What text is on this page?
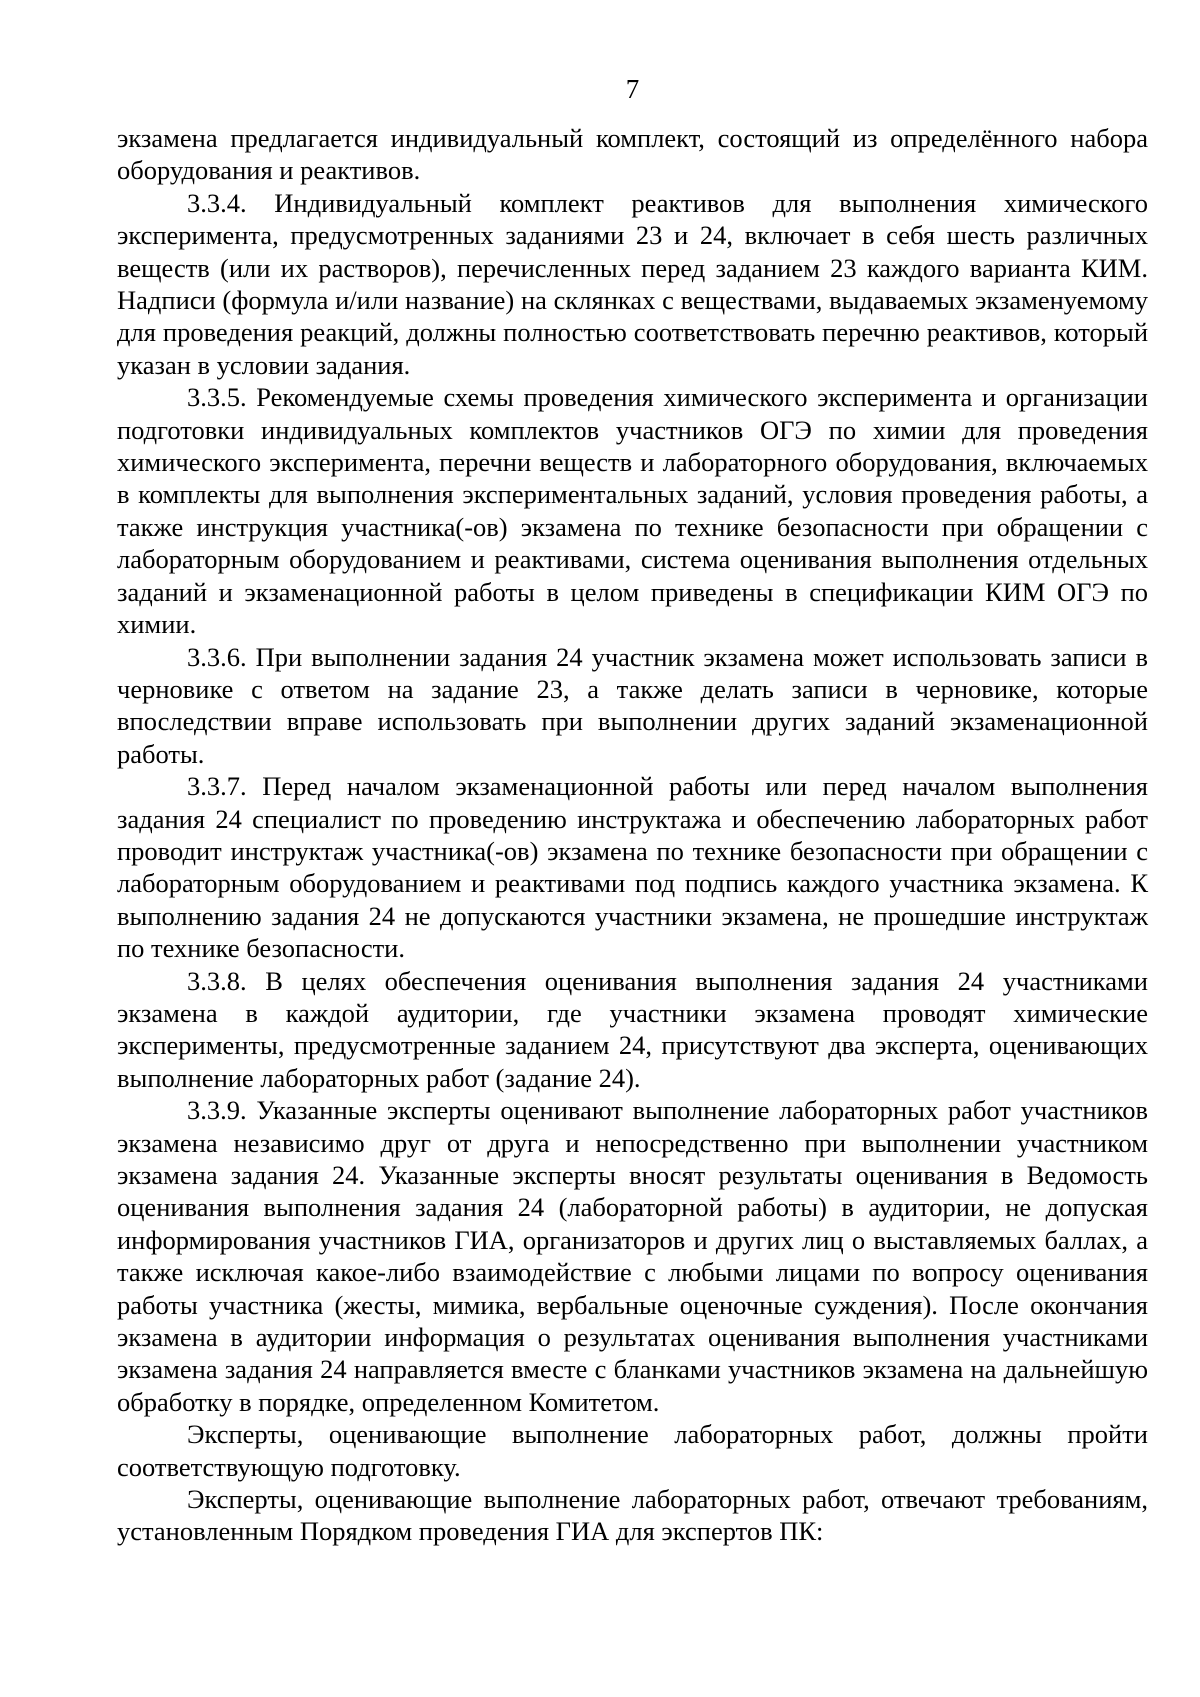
7

экзамена предлагается индивидуальный комплект, состоящий из определённого набора оборудования и реактивов.

3.3.4. Индивидуальный комплект реактивов для выполнения химического эксперимента, предусмотренных заданиями 23 и 24, включает в себя шесть различных веществ (или их растворов), перечисленных перед заданием 23 каждого варианта КИМ. Надписи (формула и/или название) на склянках с веществами, выдаваемых экзаменуемому для проведения реакций, должны полностью соответствовать перечню реактивов, который указан в условии задания.

3.3.5. Рекомендуемые схемы проведения химического эксперимента и организации подготовки индивидуальных комплектов участников ОГЭ по химии для проведения химического эксперимента, перечни веществ и лабораторного оборудования, включаемых в комплекты для выполнения экспериментальных заданий, условия проведения работы, а также инструкция участника(-ов) экзамена по технике безопасности при обращении с лабораторным оборудованием и реактивами, система оценивания выполнения отдельных заданий и экзаменационной работы в целом приведены в спецификации КИМ ОГЭ по химии.

3.3.6. При выполнении задания 24 участник экзамена может использовать записи в черновике с ответом на задание 23, а также делать записи в черновике, которые впоследствии вправе использовать при выполнении других заданий экзаменационной работы.

3.3.7. Перед началом экзаменационной работы или перед началом выполнения задания 24 специалист по проведению инструктажа и обеспечению лабораторных работ проводит инструктаж участника(-ов) экзамена по технике безопасности при обращении с лабораторным оборудованием и реактивами под подпись каждого участника экзамена. К выполнению задания 24 не допускаются участники экзамена, не прошедшие инструктаж по технике безопасности.

3.3.8. В целях обеспечения оценивания выполнения задания 24 участниками экзамена в каждой аудитории, где участники экзамена проводят химические эксперименты, предусмотренные заданием 24, присутствуют два эксперта, оценивающих выполнение лабораторных работ (задание 24).

3.3.9. Указанные эксперты оценивают выполнение лабораторных работ участников экзамена независимо друг от друга и непосредственно при выполнении участником экзамена задания 24. Указанные эксперты вносят результаты оценивания в Ведомость оценивания выполнения задания 24 (лабораторной работы) в аудитории, не допуская информирования участников ГИА, организаторов и других лиц о выставляемых баллах, а также исключая какое-либо взаимодействие с любыми лицами по вопросу оценивания работы участника (жесты, мимика, вербальные оценочные суждения). После окончания экзамена в аудитории информация о результатах оценивания выполнения участниками экзамена задания 24 направляется вместе с бланками участников экзамена на дальнейшую обработку в порядке, определенном Комитетом.

Эксперты, оценивающие выполнение лабораторных работ, должны пройти соответствующую подготовку.

Эксперты, оценивающие выполнение лабораторных работ, отвечают требованиям, установленным Порядком проведения ГИА для экспертов ПК:
